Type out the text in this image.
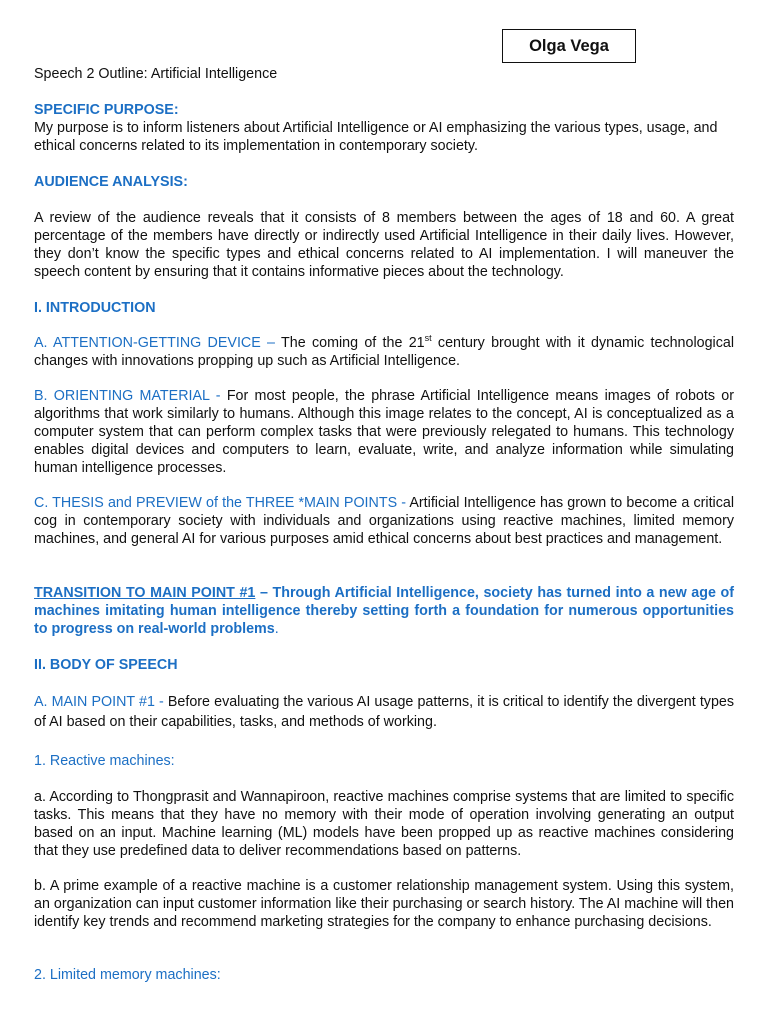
Olga Vega

Speech 2 Outline: Artificial Intelligence

SPECIFIC PURPOSE:

My purpose is to inform listeners about Artificial Intelligence or AI emphasizing the various types, usage, and ethical concerns related to its implementation in contemporary society.

AUDIENCE ANALYSIS:

A review of the audience reveals that it consists of 8 members between the ages of 18 and 60. A great percentage of the members have directly or indirectly used Artificial Intelligence in their daily lives. However, they don’t know the specific types and ethical concerns related to AI implementation. I will maneuver the speech content by ensuring that it contains informative pieces about the technology.

I. INTRODUCTION

A. ATTENTION-GETTING DEVICE – The coming of the 21st century brought with it dynamic technological changes with innovations propping up such as Artificial Intelligence.

B. ORIENTING MATERIAL - For most people, the phrase Artificial Intelligence means images of robots or algorithms that work similarly to humans. Although this image relates to the concept, AI is conceptualized as a computer system that can perform complex tasks that were previously relegated to humans. This technology enables digital devices and computers to learn, evaluate, write, and analyze information while simulating human intelligence processes.

C. THESIS and PREVIEW of the THREE *MAIN POINTS - Artificial Intelligence has grown to become a critical cog in contemporary society with individuals and organizations using reactive machines, limited memory machines, and general AI for various purposes amid ethical concerns about best practices and management.

TRANSITION TO MAIN POINT #1 – Through Artificial Intelligence, society has turned into a new age of machines imitating human intelligence thereby setting forth a foundation for numerous opportunities to progress on real-world problems.

II. BODY OF SPEECH

A. MAIN POINT #1 - Before evaluating the various AI usage patterns, it is critical to identify the divergent types of AI based on their capabilities, tasks, and methods of working.

1. Reactive machines:

a. According to Thongprasit and Wannapiroon, reactive machines comprise systems that are limited to specific tasks. This means that they have no memory with their mode of operation involving generating an output based on an input. Machine learning (ML) models have been propped up as reactive machines considering that they use predefined data to deliver recommendations based on patterns.

b. A prime example of a reactive machine is a customer relationship management system. Using this system, an organization can input customer information like their purchasing or search history. The AI machine will then identify key trends and recommend marketing strategies for the company to enhance purchasing decisions.

2. Limited memory machines:
